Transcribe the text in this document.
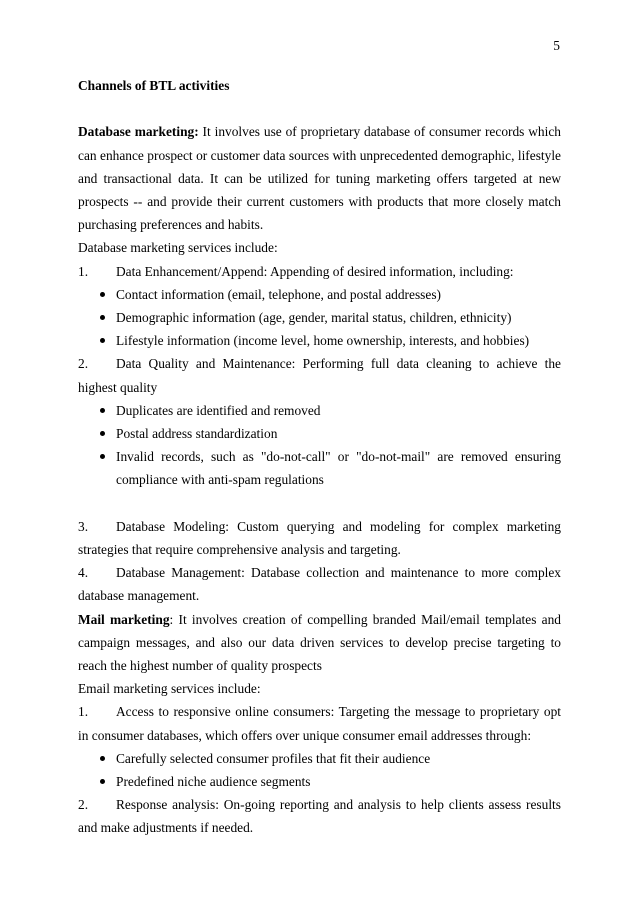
5

Channels of BTL activities

Database marketing: It involves use of proprietary database of consumer records which can enhance prospect or customer data sources with unprecedented demographic, lifestyle and transactional data. It can be utilized for tuning marketing offers targeted at new prospects -- and provide their current customers with products that more closely match purchasing preferences and habits.

Database marketing services include:

1. Data Enhancement/Append: Appending of desired information, including:

Contact information (email, telephone, and postal addresses)
Demographic information (age, gender, marital status, children, ethnicity)
Lifestyle information (income level, home ownership, interests, and hobbies)

2. Data Quality and Maintenance: Performing full data cleaning to achieve the highest quality

Duplicates are identified and removed
Postal address standardization
Invalid records, such as "do-not-call" or "do-not-mail" are removed ensuring compliance with anti-spam regulations

3. Database Modeling: Custom querying and modeling for complex marketing strategies that require comprehensive analysis and targeting.

4. Database Management: Database collection and maintenance to more complex database management.

Mail marketing: It involves creation of compelling branded Mail/email templates and campaign messages, and also our data driven services to develop precise targeting to reach the highest number of quality prospects

Email marketing services include:

1. Access to responsive online consumers: Targeting the message to proprietary opt in consumer databases, which offers over unique consumer email addresses through:

Carefully selected consumer profiles that fit their audience
Predefined niche audience segments

2. Response analysis: On-going reporting and analysis to help clients assess results and make adjustments if needed.
